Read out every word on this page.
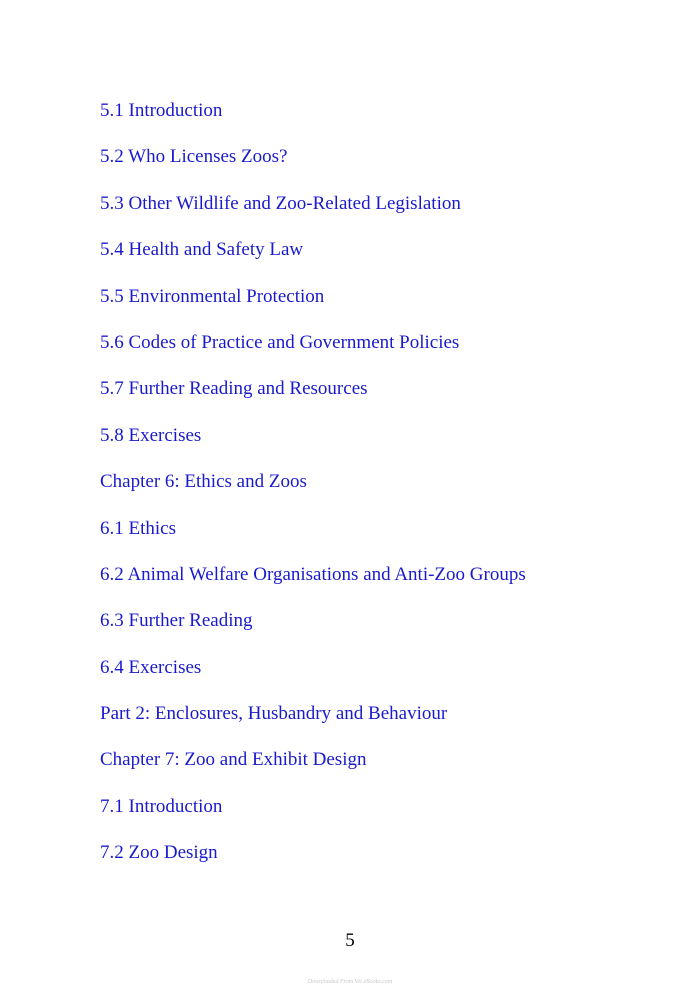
5.1 Introduction
5.2 Who Licenses Zoos?
5.3 Other Wildlife and Zoo-Related Legislation
5.4 Health and Safety Law
5.5 Environmental Protection
5.6 Codes of Practice and Government Policies
5.7 Further Reading and Resources
5.8 Exercises
Chapter 6: Ethics and Zoos
6.1 Ethics
6.2 Animal Welfare Organisations and Anti-Zoo Groups
6.3 Further Reading
6.4 Exercises
Part 2: Enclosures, Husbandry and Behaviour
Chapter 7: Zoo and Exhibit Design
7.1 Introduction
7.2 Zoo Design
5
Downloaded From Vet eBooks.com
